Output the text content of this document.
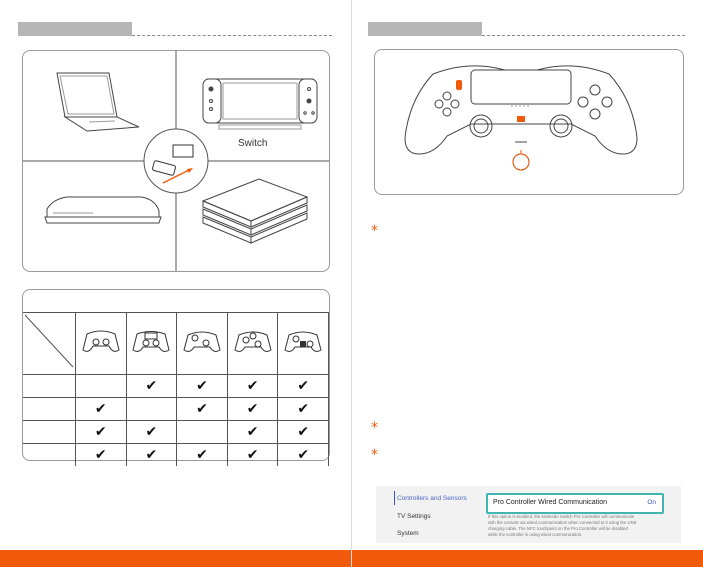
Switch

		✔	✔	✔	✔
	✔		✔	✔	✔
	✔	✔		✔	✔
	✔	✔	✔	✔	✔
*
*
*
Controllers and Sensors
TV Settings
System
Pro Controller Wired Communication	On
If this option is enabled, the Nintendo Switch Pro Controller will communicate
with the console via wired communication when connected to it using the USB
charging cable. The NFC touchpoint on the Pro Controller will be disabled
while the controller is using wired communication.
